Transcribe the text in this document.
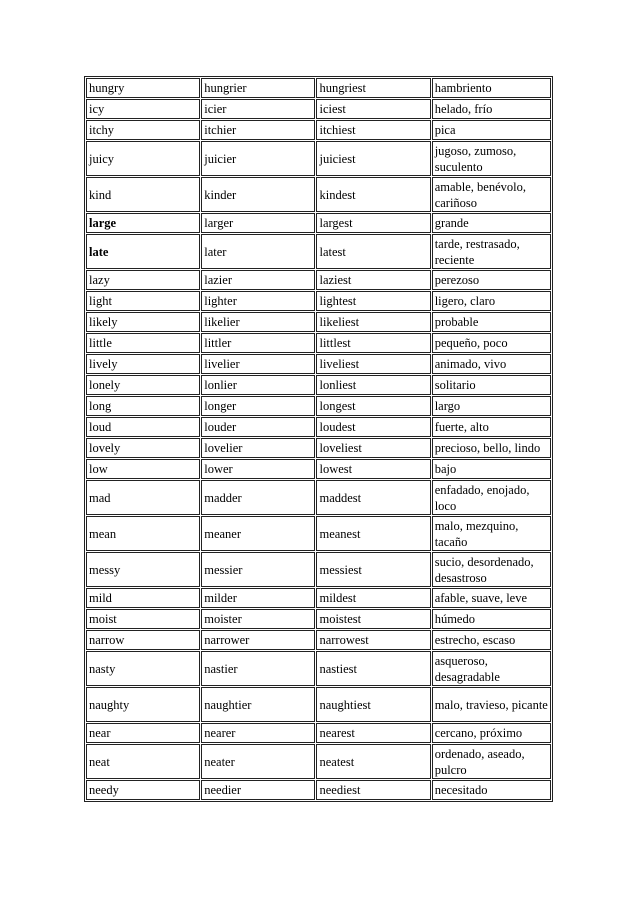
hungry	hungrier	hungriest	hambriento
icy	icier	iciest	helado, frío
itchy	itchier	itchiest	pica
juicy	juicier	juiciest	jugoso, zumoso, suculento
kind	kinder	kindest	amable, benévolo, cariñoso
large	larger	largest	grande
late	later	latest	tarde, restrasado, reciente
lazy	lazier	laziest	perezoso
light	lighter	lightest	ligero, claro
likely	likelier	likeliest	probable
little	littler	littlest	pequeño, poco
lively	livelier	liveliest	animado, vivo
lonely	lonlier	lonliest	solitario
long	longer	longest	largo
loud	louder	loudest	fuerte, alto
lovely	lovelier	loveliest	precioso, bello, lindo
low	lower	lowest	bajo
mad	madder	maddest	enfadado, enojado, loco
mean	meaner	meanest	malo, mezquino, tacaño
messy	messier	messiest	sucio, desordenado, desastroso
mild	milder	mildest	afable, suave, leve
moist	moister	moistest	húmedo
narrow	narrower	narrowest	estrecho, escaso
nasty	nastier	nastiest	asqueroso, desagradable
naughty	naughtier	naughtiest	malo, travieso, picante
near	nearer	nearest	cercano, próximo
neat	neater	neatest	ordenado, aseado, pulcro
needy	needier	neediest	necesitado
